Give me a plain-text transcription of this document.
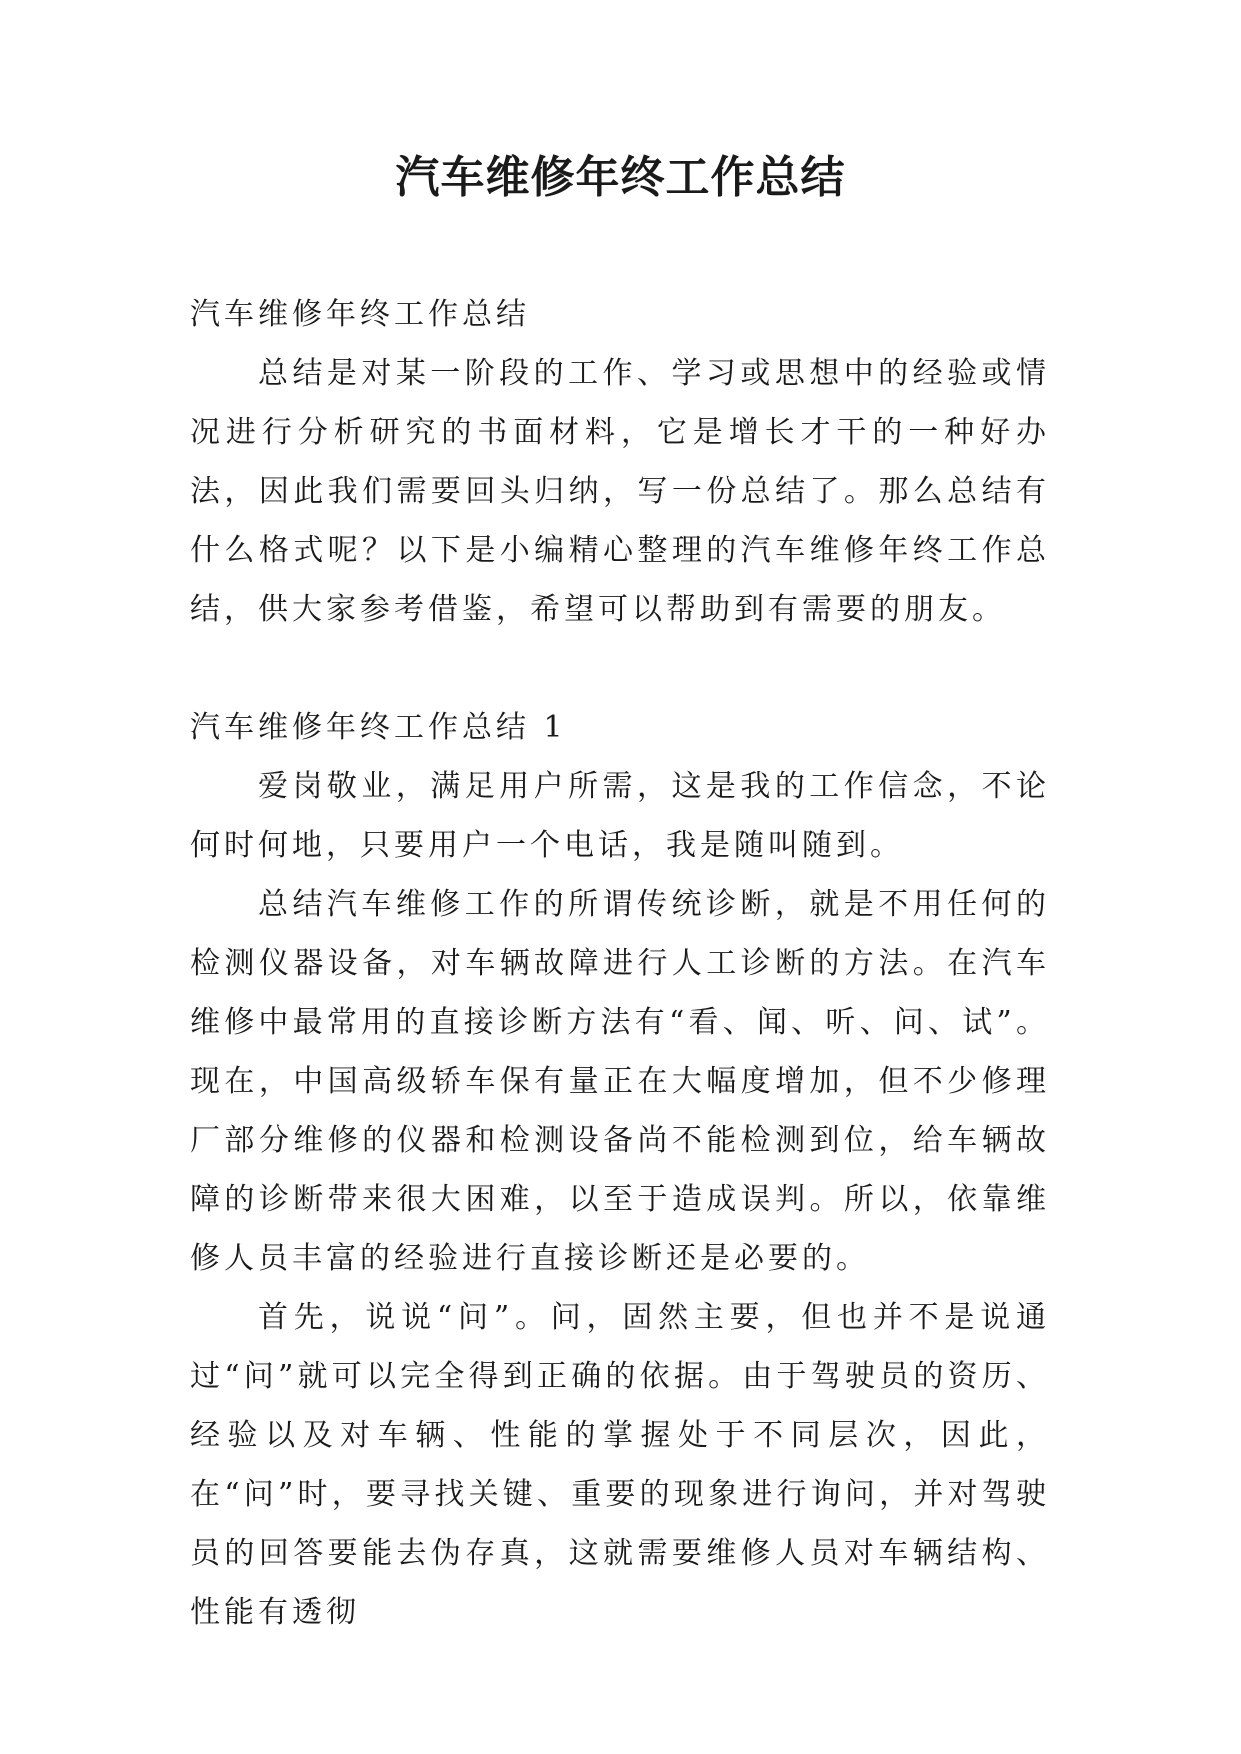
汽车维修年终工作总结

汽车维修年终工作总结

总结是对某一阶段的工作、学习或思想中的经验或情况进行分析研究的书面材料，它是增长才干的一种好办法，因此我们需要回头归纳，写一份总结了。那么总结有什么格式呢？以下是小编精心整理的汽车维修年终工作总结，供大家参考借鉴，希望可以帮助到有需要的朋友。

汽车维修年终工作总结 1

爱岗敬业，满足用户所需，这是我的工作信念，不论何时何地，只要用户一个电话，我是随叫随到。

总结汽车维修工作的所谓传统诊断，就是不用任何的检测仪器设备，对车辆故障进行人工诊断的方法。在汽车维修中最常用的直接诊断方法有“看、闻、听、问、试”。现在，中国高级轿车保有量正在大幅度增加，但不少修理厂部分维修的仪器和检测设备尚不能检测到位，给车辆故障的诊断带来很大困难，以至于造成误判。所以，依靠维修人员丰富的经验进行直接诊断还是必要的。

首先，说说“问”。问，固然主要，但也并不是说通过“问”就可以完全得到正确的依据。由于驾驶员的资历、经验以及对车辆、性能的掌握处于不同层次，因此，在“问”时，要寻找关键、重要的现象进行询问，并对驾驶员的回答要能去伪存真，这就需要维修人员对车辆结构、性能有透彻
